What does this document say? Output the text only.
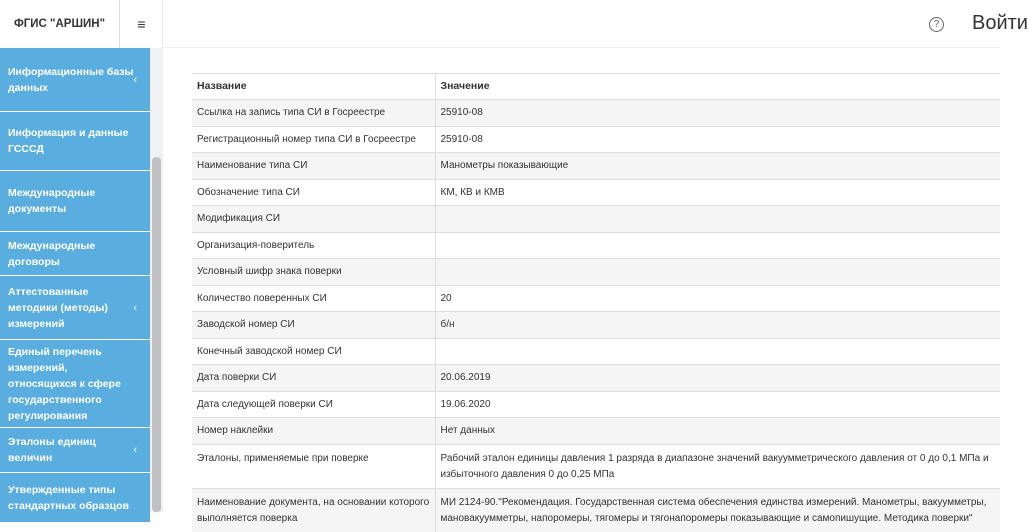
ФГИС "АРШИН"	≡
Информационные базы данных
‹
Информация и данные ГСССД
Международные документы
Международные договоры
Аттестованные методики (методы) измерений
‹
Единый перечень измерений, относящихся к сфере государственного регулирования
Эталоны единиц величин
‹
Утвержденные типы стандартных образцов
? Войти
Название	Значение
Ссылка на запись типа СИ в Госреестре	25910-08
Регистрационный номер типа СИ в Госреестре	25910-08
Наименование типа СИ	Манометры показывающие
Обозначение типа СИ	КМ, КВ и КМВ
Модификация СИ	
Организация-поверитель	
Условный шифр знака поверки	
Количество поверенных СИ	20
Заводской номер СИ	б/н
Конечный заводской номер СИ	
Дата поверки СИ	20.06.2019
Дата следующей поверки СИ	19.06.2020
Номер наклейки	Нет данных
Эталоны, применяемые при поверке	Рабочий эталон единицы давления 1 разряда в диапазоне значений вакуумметрического давления от 0 до 0,1 МПа и избыточного давления 0 до 0,25 МПа
Наименование документа, на основании которого выполняется поверка	МИ 2124-90."Рекомендация. Государственная система обеспечения единства измерений. Манометры, вакуумметры, мановакуумметры, напоромеры, тягомеры и тягонапоромеры показывающие и самопишущие. Методика поверки"
